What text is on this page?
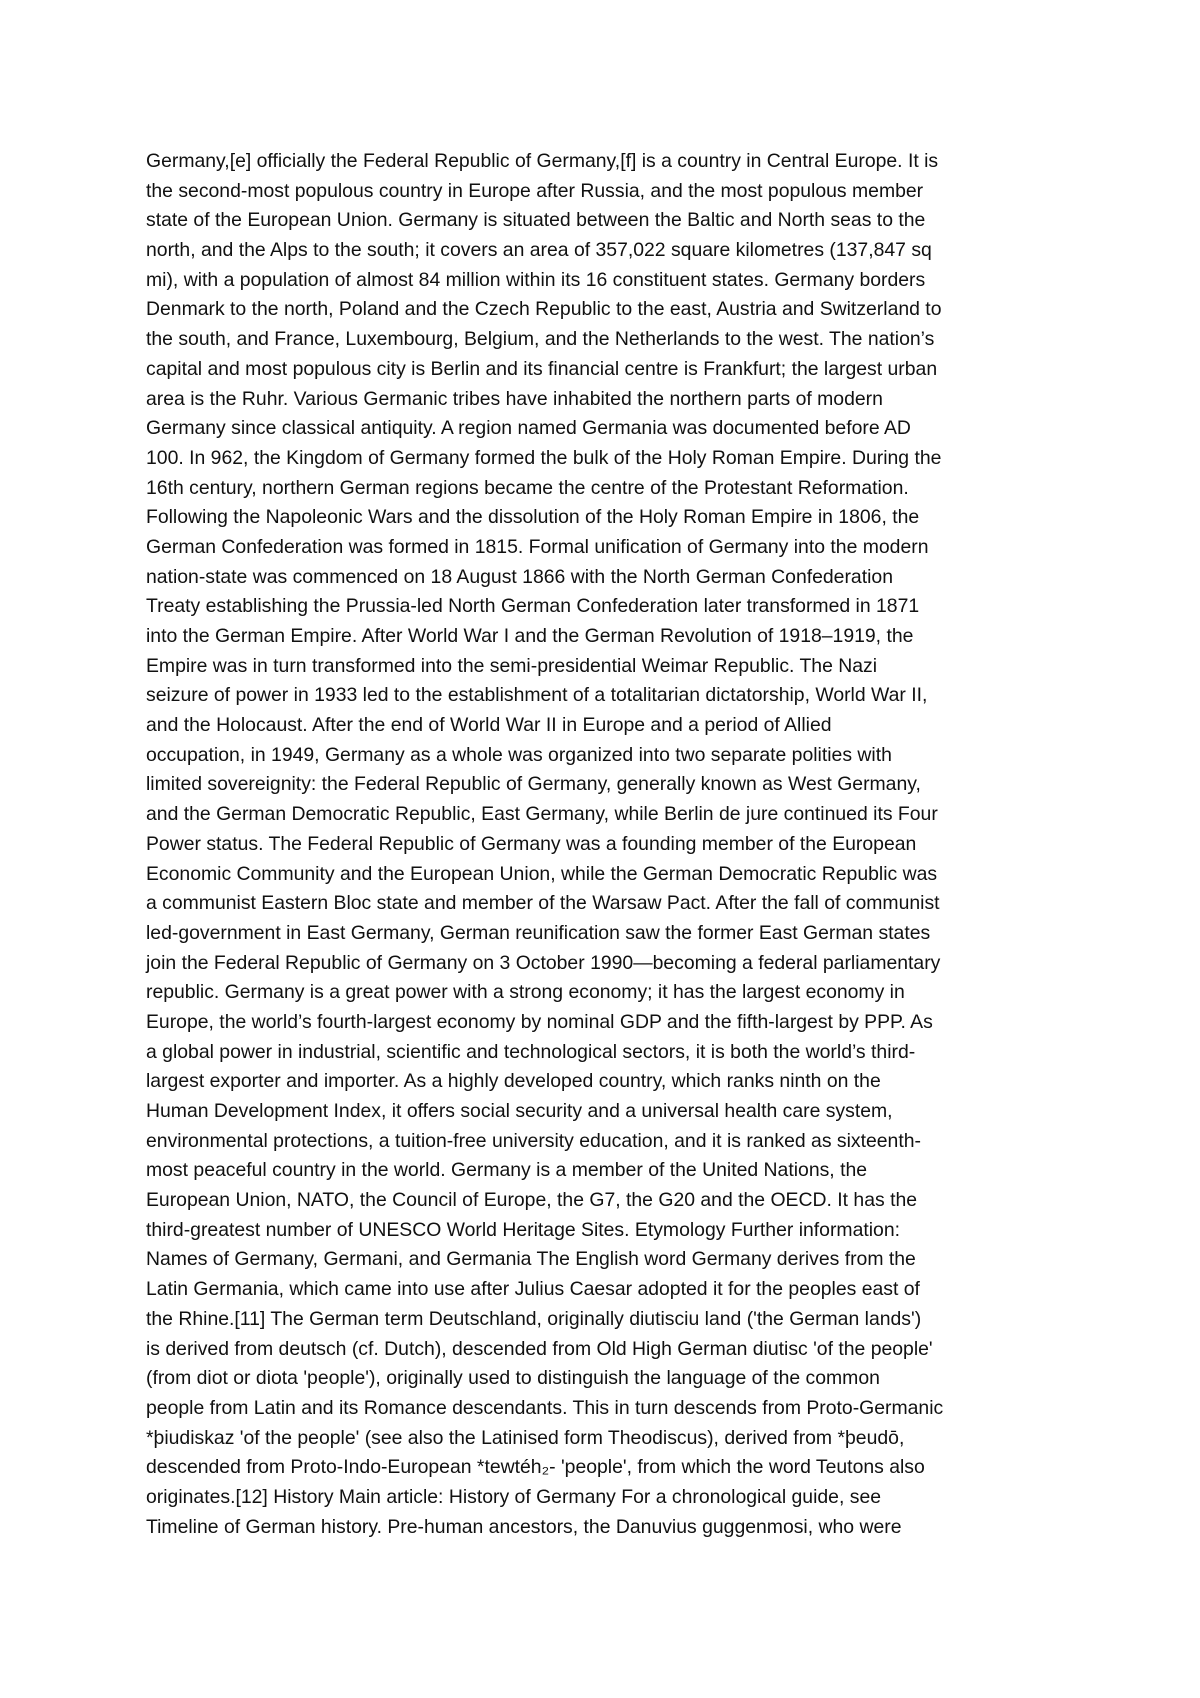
Germany,[e] officially the Federal Republic of Germany,[f] is a country in Central Europe. It is
the second-most populous country in Europe after Russia, and the most populous member
state of the European Union. Germany is situated between the Baltic and North seas to the
north, and the Alps to the south; it covers an area of 357,022 square kilometres (137,847 sq
mi), with a population of almost 84 million within its 16 constituent states. Germany borders
Denmark to the north, Poland and the Czech Republic to the east, Austria and Switzerland to
the south, and France, Luxembourg, Belgium, and the Netherlands to the west. The nation’s
capital and most populous city is Berlin and its financial centre is Frankfurt; the largest urban
area is the Ruhr. Various Germanic tribes have inhabited the northern parts of modern
Germany since classical antiquity. A region named Germania was documented before AD
100. In 962, the Kingdom of Germany formed the bulk of the Holy Roman Empire. During the
16th century, northern German regions became the centre of the Protestant Reformation.
Following the Napoleonic Wars and the dissolution of the Holy Roman Empire in 1806, the
German Confederation was formed in 1815. Formal unification of Germany into the modern
nation-state was commenced on 18 August 1866 with the North German Confederation
Treaty establishing the Prussia-led North German Confederation later transformed in 1871
into the German Empire. After World War I and the German Revolution of 1918–1919, the
Empire was in turn transformed into the semi-presidential Weimar Republic. The Nazi
seizure of power in 1933 led to the establishment of a totalitarian dictatorship, World War II,
and the Holocaust. After the end of World War II in Europe and a period of Allied
occupation, in 1949, Germany as a whole was organized into two separate polities with
limited sovereignity: the Federal Republic of Germany, generally known as West Germany,
and the German Democratic Republic, East Germany, while Berlin de jure continued its Four
Power status. The Federal Republic of Germany was a founding member of the European
Economic Community and the European Union, while the German Democratic Republic was
a communist Eastern Bloc state and member of the Warsaw Pact. After the fall of communist
led-government in East Germany, German reunification saw the former East German states
join the Federal Republic of Germany on 3 October 1990—becoming a federal parliamentary
republic. Germany is a great power with a strong economy; it has the largest economy in
Europe, the world’s fourth-largest economy by nominal GDP and the fifth-largest by PPP. As
a global power in industrial, scientific and technological sectors, it is both the world’s third-
largest exporter and importer. As a highly developed country, which ranks ninth on the
Human Development Index, it offers social security and a universal health care system,
environmental protections, a tuition-free university education, and it is ranked as sixteenth-
most peaceful country in the world. Germany is a member of the United Nations, the
European Union, NATO, the Council of Europe, the G7, the G20 and the OECD. It has the
third-greatest number of UNESCO World Heritage Sites. Etymology Further information:
Names of Germany, Germani, and Germania The English word Germany derives from the
Latin Germania, which came into use after Julius Caesar adopted it for the peoples east of
the Rhine.[11] The German term Deutschland, originally diutisciu land ('the German lands')
is derived from deutsch (cf. Dutch), descended from Old High German diutisc 'of the people'
(from diot or diota 'people'), originally used to distinguish the language of the common
people from Latin and its Romance descendants. This in turn descends from Proto-Germanic
*þiudiskaz 'of the people' (see also the Latinised form Theodiscus), derived from *þeudō,
descended from Proto-Indo-European *tewtéh₂- 'people', from which the word Teutons also
originates.[12] History Main article: History of Germany For a chronological guide, see
Timeline of German history. Pre-human ancestors, the Danuvius guggenmosi, who were
